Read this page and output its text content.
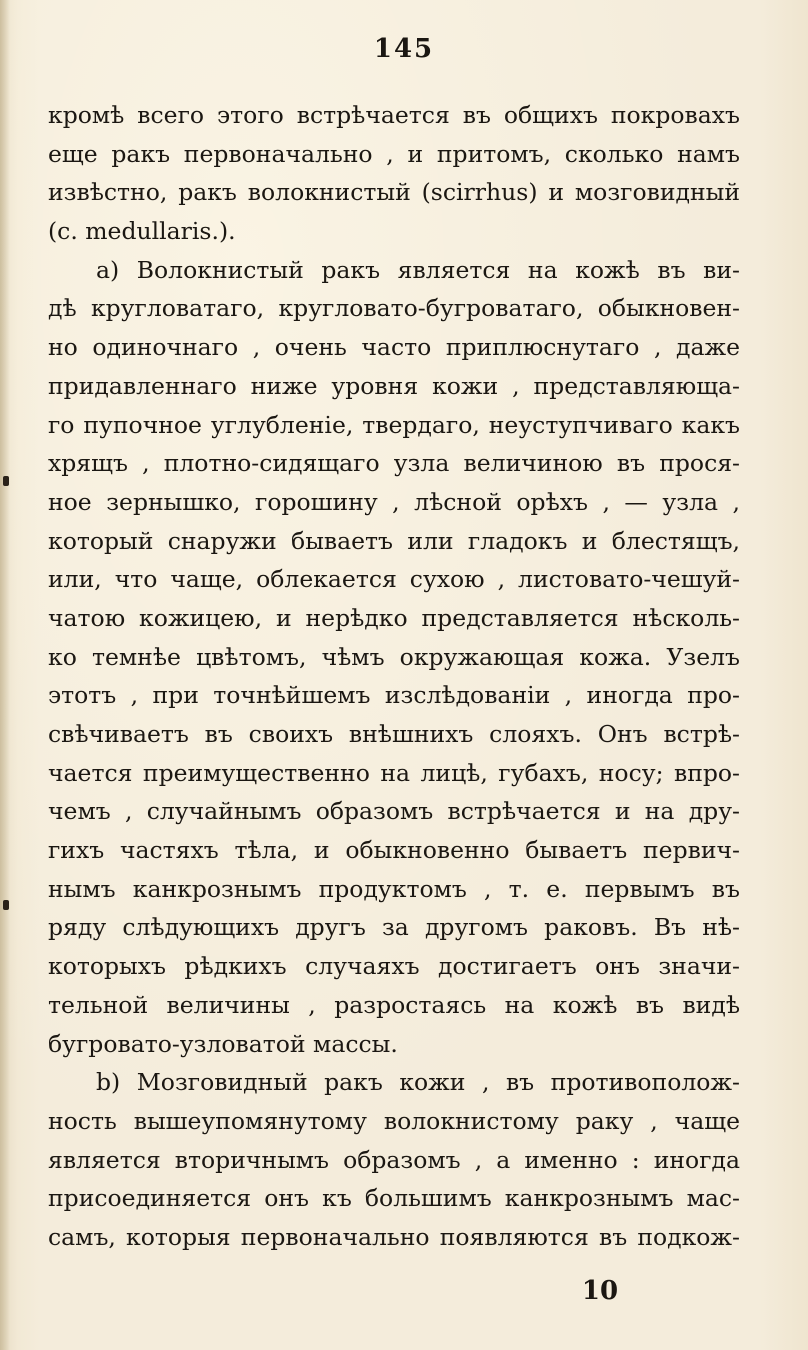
145
кромѣ всего этого встрѣчается въ общихъ покровахъ
еще ракъ первоначально , и притомъ, сколько намъ
извѣстно, ракъ волокнистый (scirrhus) и мозговидный
(c. medullaris.).
a) Волокнистый ракъ является на кожѣ въ ви-
дѣ кругловатаго, кругловато-бугроватаго, обыкновен-
но одиночнаго , очень часто приплюснутаго , даже
придавленнаго ниже уровня кожи , представляюща-
го пупочное углубленіе, твердаго, неуступчиваго какъ
хрящъ , плотно-сидящаго узла величиною въ прося-
ное зернышко, горошину , лѣсной орѣхъ , — узла ,
который снаружи бываетъ или гладокъ и блестящъ,
или, что чаще, облекается сухою , листовато-чешуй-
чатою кожицею, и нерѣдко представляется нѣсколь-
ко темнѣе цвѣтомъ, чѣмъ окружающая кожа. Узелъ
этотъ , при точнѣйшемъ изслѣдованіи , иногда про-
свѣчиваетъ въ своихъ внѣшнихъ слояхъ. Онъ встрѣ-
чается преимущественно на лицѣ, губахъ, носу; впро-
чемъ , случайнымъ образомъ встрѣчается и на дру-
гихъ частяхъ тѣла, и обыкновенно бываетъ первич-
нымъ канкрознымъ продуктомъ , т. е. первымъ въ
ряду слѣдующихъ другъ за другомъ раковъ. Въ нѣ-
которыхъ рѣдкихъ случаяхъ достигаетъ онъ значи-
тельной величины , разростаясь на кожѣ въ видѣ
бугровато-узловатой массы.
b) Мозговидный ракъ кожи , въ противополож-
ность вышеупомянутому волокнистому раку , чаще
является вторичнымъ образомъ , а именно : иногда
присоединяется онъ къ большимъ канкрознымъ мас-
самъ, которыя первоначально появляются въ подкож-
10
